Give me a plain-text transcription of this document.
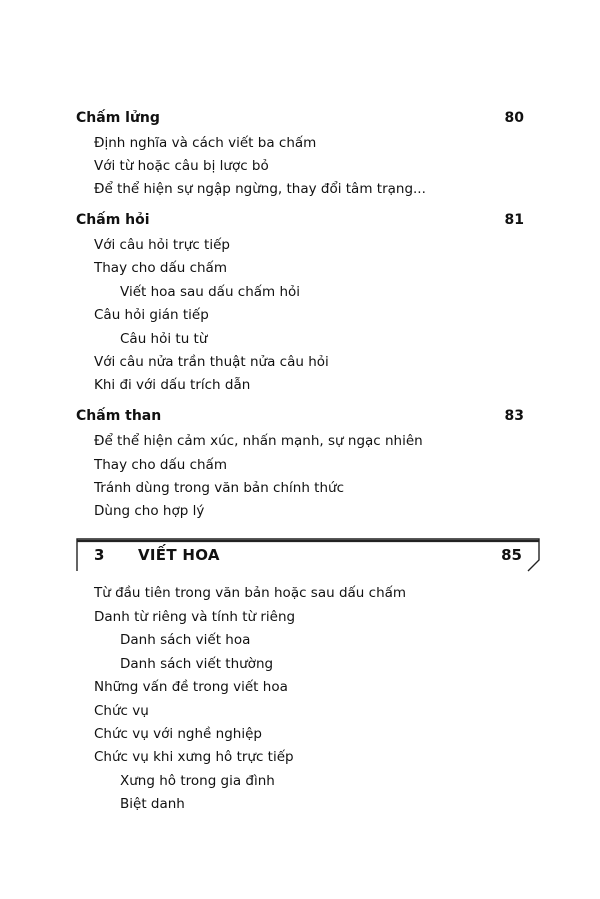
Chấm lửng	80
Định nghĩa và cách viết ba chấm
Với từ hoặc câu bị lược bỏ
Để thể hiện sự ngập ngừng, thay đổi tâm trạng...
Chấm hỏi	81
Với câu hỏi trực tiếp
Thay cho dấu chấm
Viết hoa sau dấu chấm hỏi
Câu hỏi gián tiếp
Câu hỏi tu từ
Với câu nửa trần thuật nửa câu hỏi
Khi đi với dấu trích dẫn
Chấm than	83
Để thể hiện cảm xúc, nhấn mạnh, sự ngạc nhiên
Thay cho dấu chấm
Tránh dùng trong văn bản chính thức
Dùng cho hợp lý
3 VIẾT HOA	85
Từ đầu tiên trong văn bản hoặc sau dấu chấm
Danh từ riêng và tính từ riêng
Danh sách viết hoa
Danh sách viết thường
Những vấn đề trong viết hoa
Chức vụ
Chức vụ với nghề nghiệp
Chức vụ khi xưng hô trực tiếp
Xưng hô trong gia đình
Biệt danh
